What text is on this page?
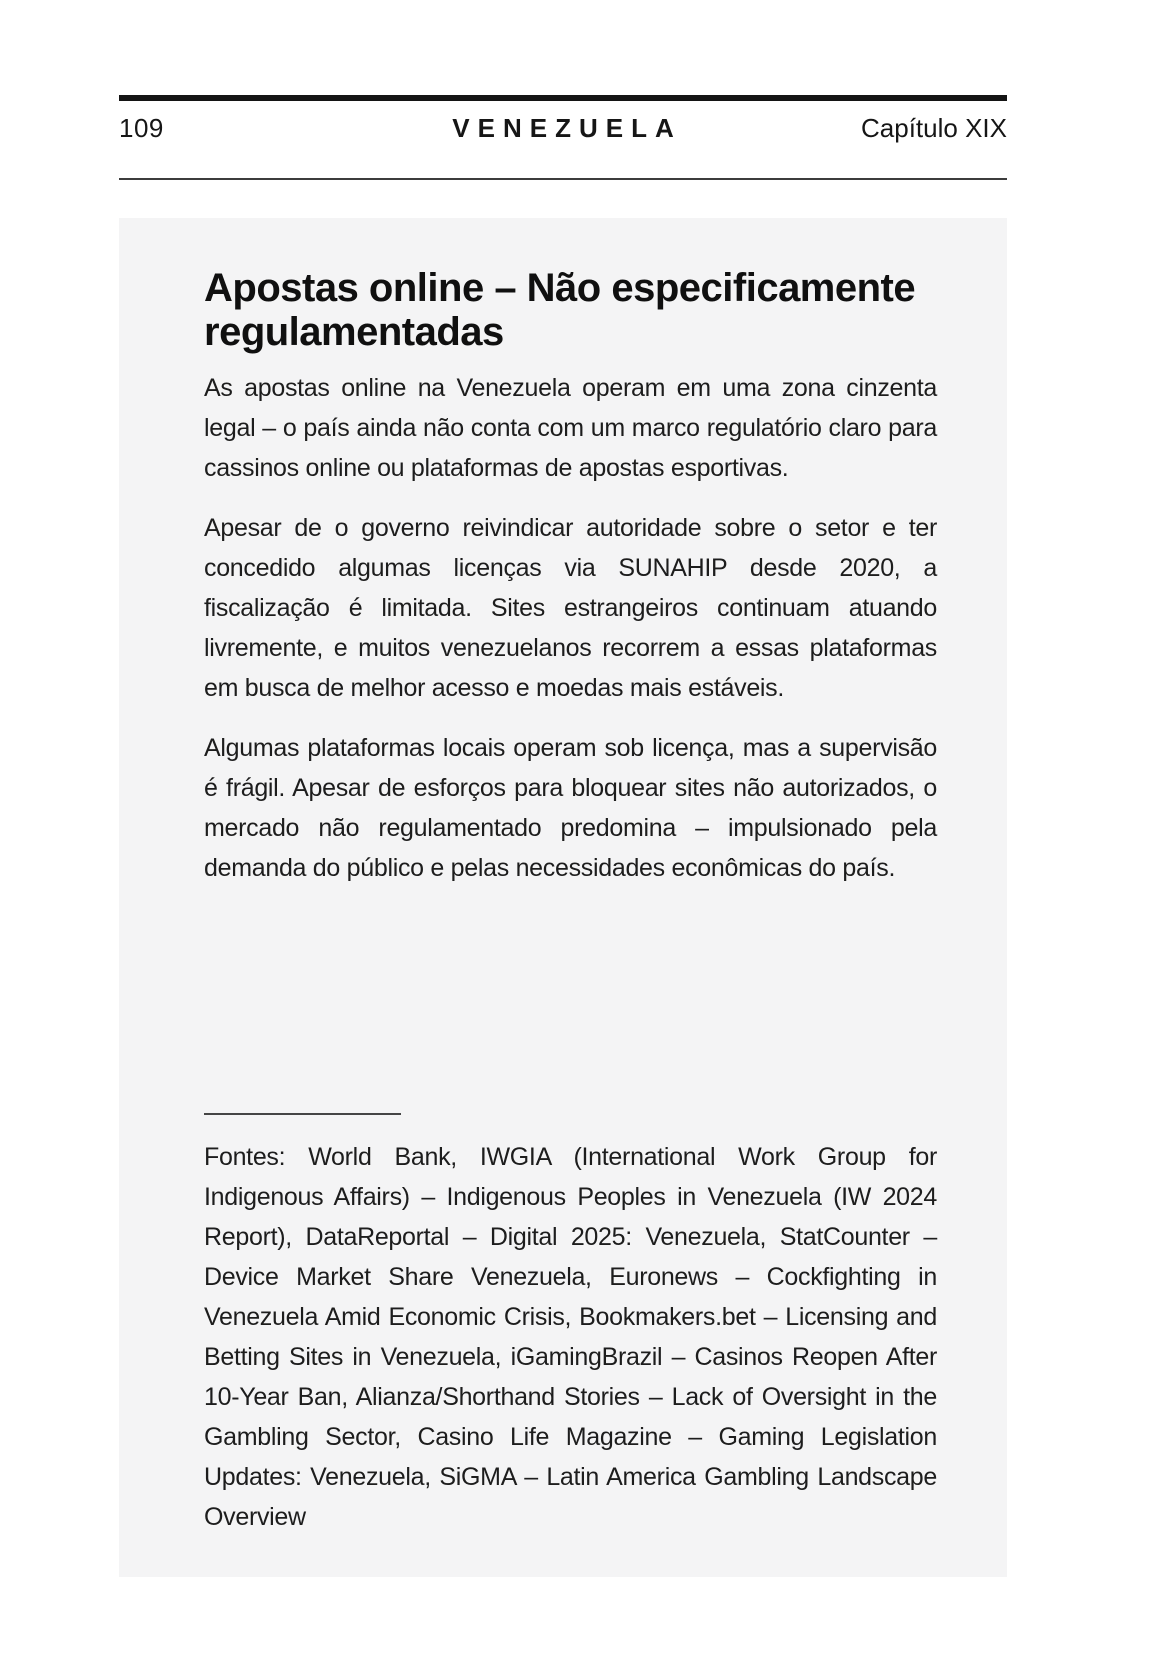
109	VENEZUELA	Capítulo XIX
Apostas online – Não especificamente regulamentadas

As apostas online na Venezuela operam em uma zona cinzenta legal – o país ainda não conta com um marco regulatório claro para cassinos online ou plataformas de apostas esportivas.

Apesar de o governo reivindicar autoridade sobre o setor e ter concedido algumas licenças via SUNAHIP desde 2020, a fiscalização é limitada. Sites estrangeiros continuam atuando livremente, e muitos venezuelanos recorrem a essas plataformas em busca de melhor acesso e moedas mais estáveis.

Algumas plataformas locais operam sob licença, mas a supervisão é frágil. Apesar de esforços para bloquear sites não autorizados, o mercado não regulamentado predomina – impulsionado pela demanda do público e pelas necessidades econômicas do país.

Fontes: World Bank, IWGIA (International Work Group for Indigenous Affairs) – Indigenous Peoples in Venezuela (IW 2024 Report), DataReportal – Digital 2025: Venezuela, StatCounter – Device Market Share Venezuela, Euronews – Cockfighting in Venezuela Amid Economic Crisis, Bookmakers.bet – Licensing and Betting Sites in Venezuela, iGamingBrazil – Casinos Reopen After 10-Year Ban, Alianza/Shorthand Stories – Lack of Oversight in the Gambling Sector, Casino Life Magazine – Gaming Legislation Updates: Venezuela, SiGMA – Latin America Gambling Landscape Overview
